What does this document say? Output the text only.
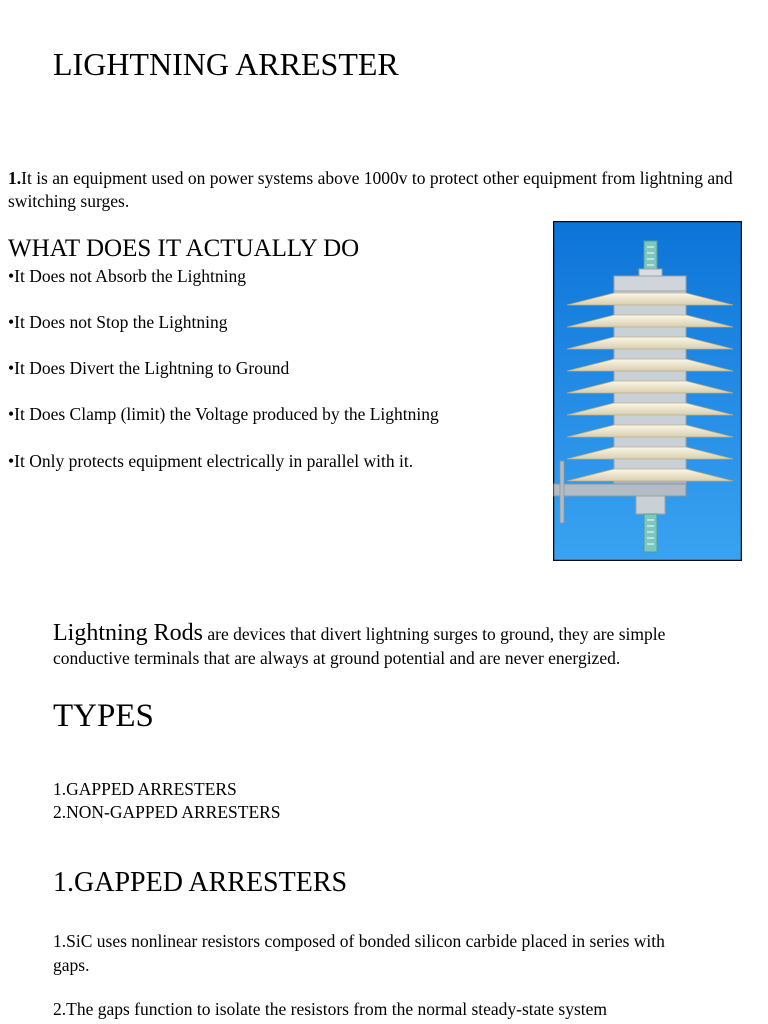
LIGHTNING ARRESTER
1.It is an equipment used on power systems above 1000v to protect other equipment from lightning and switching surges.
WHAT DOES IT ACTUALLY DO
•It Does not Absorb the Lightning
•It Does not Stop the Lightning
•It Does Divert the Lightning to Ground
•It Does Clamp (limit) the Voltage produced by the Lightning
•It Only protects equipment electrically in parallel with it.
Lightning Rods are devices that divert lightning surges to ground, they are simple conductive terminals that are always at ground potential and are never energized.
TYPES
1.GAPPED ARRESTERS
2.NON-GAPPED ARRESTERS
1.GAPPED ARRESTERS
1.SiC uses nonlinear resistors composed of bonded silicon carbide placed in series with gaps.
2.The gaps function to isolate the resistors from the normal steady-state system
